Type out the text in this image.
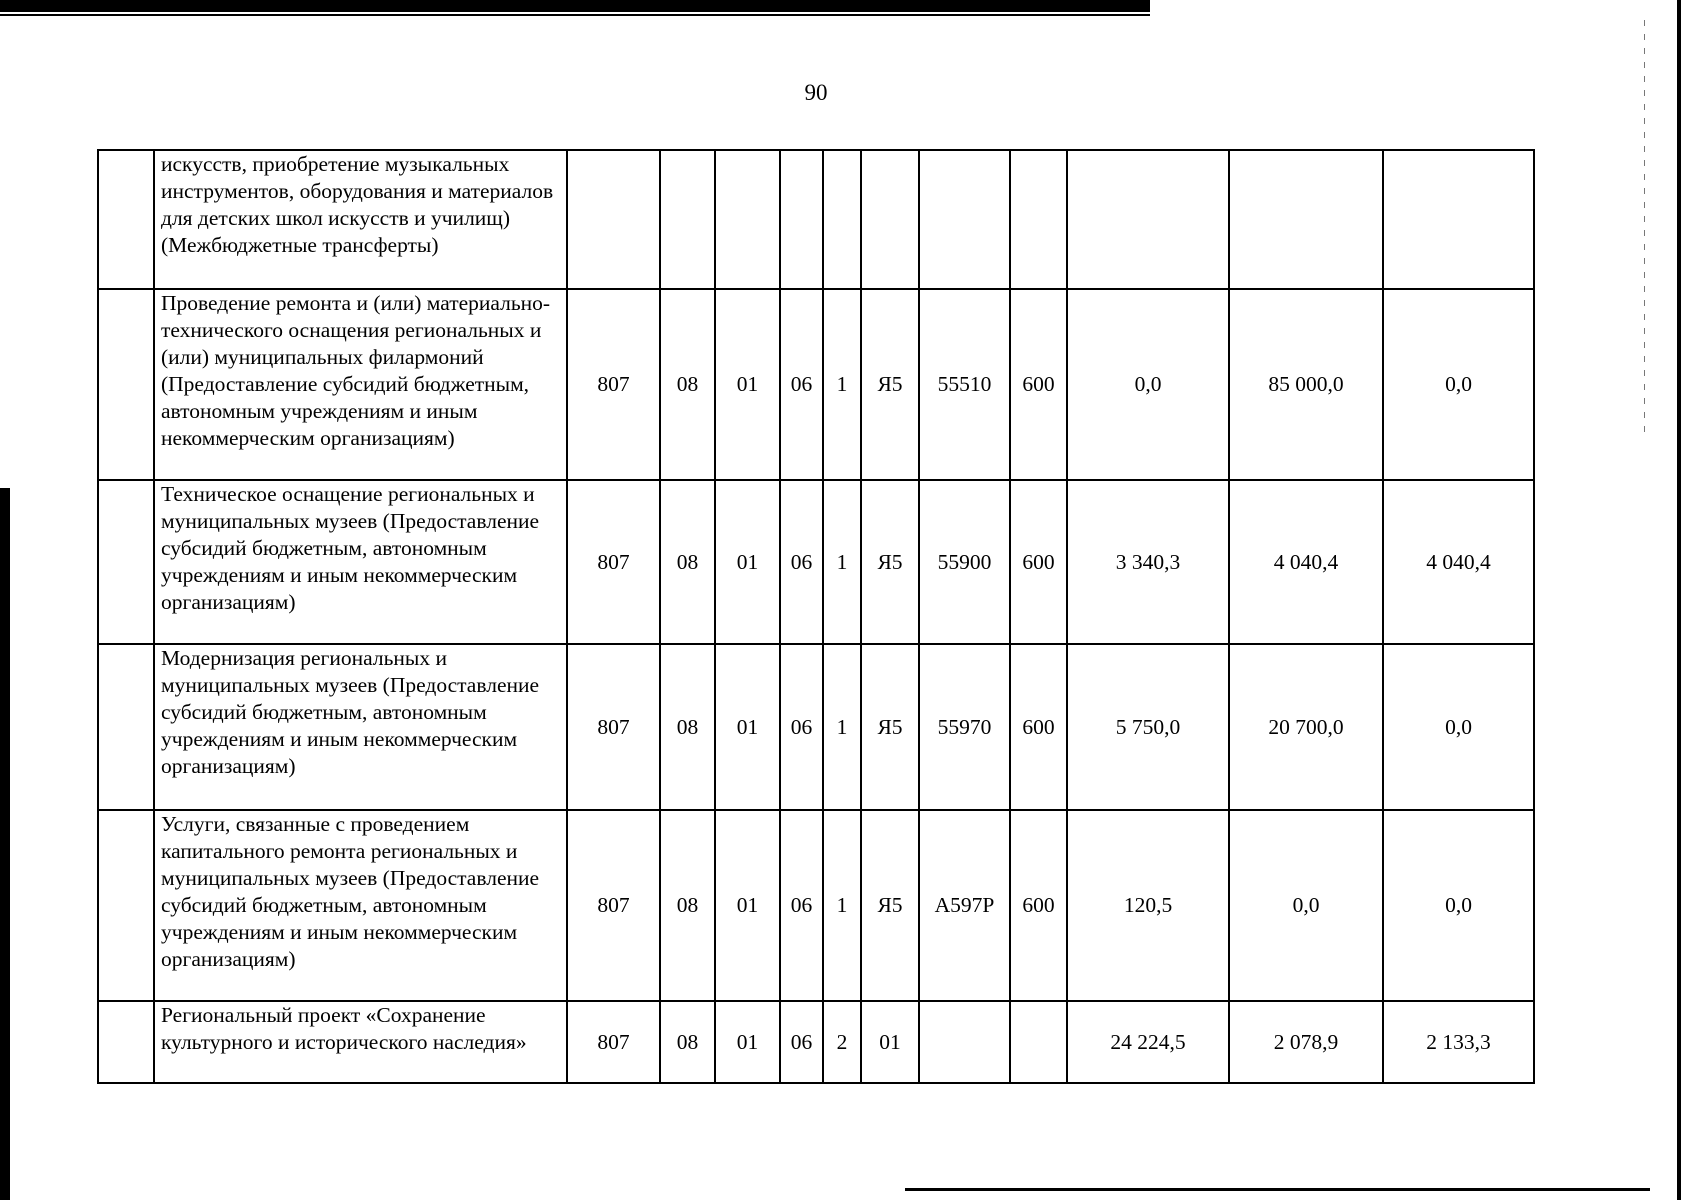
90
	искусств, приобретение музыкальных инструментов, оборудования и материалов для детских школ искусств и училищ) (Межбюджетные трансферты)											
	Проведение ремонта и (или) материально-технического оснащения региональных и (или) муниципальных филармоний (Предоставление субсидий бюджетным, автономным учреждениям и иным некоммерческим организациям)	807	08	01	06	1	Я5	55510	600	0,0	85 000,0	0,0
	Техническое оснащение региональных и муниципальных музеев (Предоставление субсидий бюджетным, автономным учреждениям и иным некоммерческим организациям)	807	08	01	06	1	Я5	55900	600	3 340,3	4 040,4	4 040,4
	Модернизация региональных и муниципальных музеев (Предоставление субсидий бюджетным, автономным учреждениям и иным некоммерческим организациям)	807	08	01	06	1	Я5	55970	600	5 750,0	20 700,0	0,0
	Услуги, связанные с проведением капитального ремонта региональных и муниципальных музеев (Предоставление субсидий бюджетным, автономным учреждениям и иным некоммерческим организациям)	807	08	01	06	1	Я5	А597Р	600	120,5	0,0	0,0
	Региональный проект «Сохранение культурного и исторического наследия»	807	08	01	06	2	01			24 224,5	2 078,9	2 133,3
